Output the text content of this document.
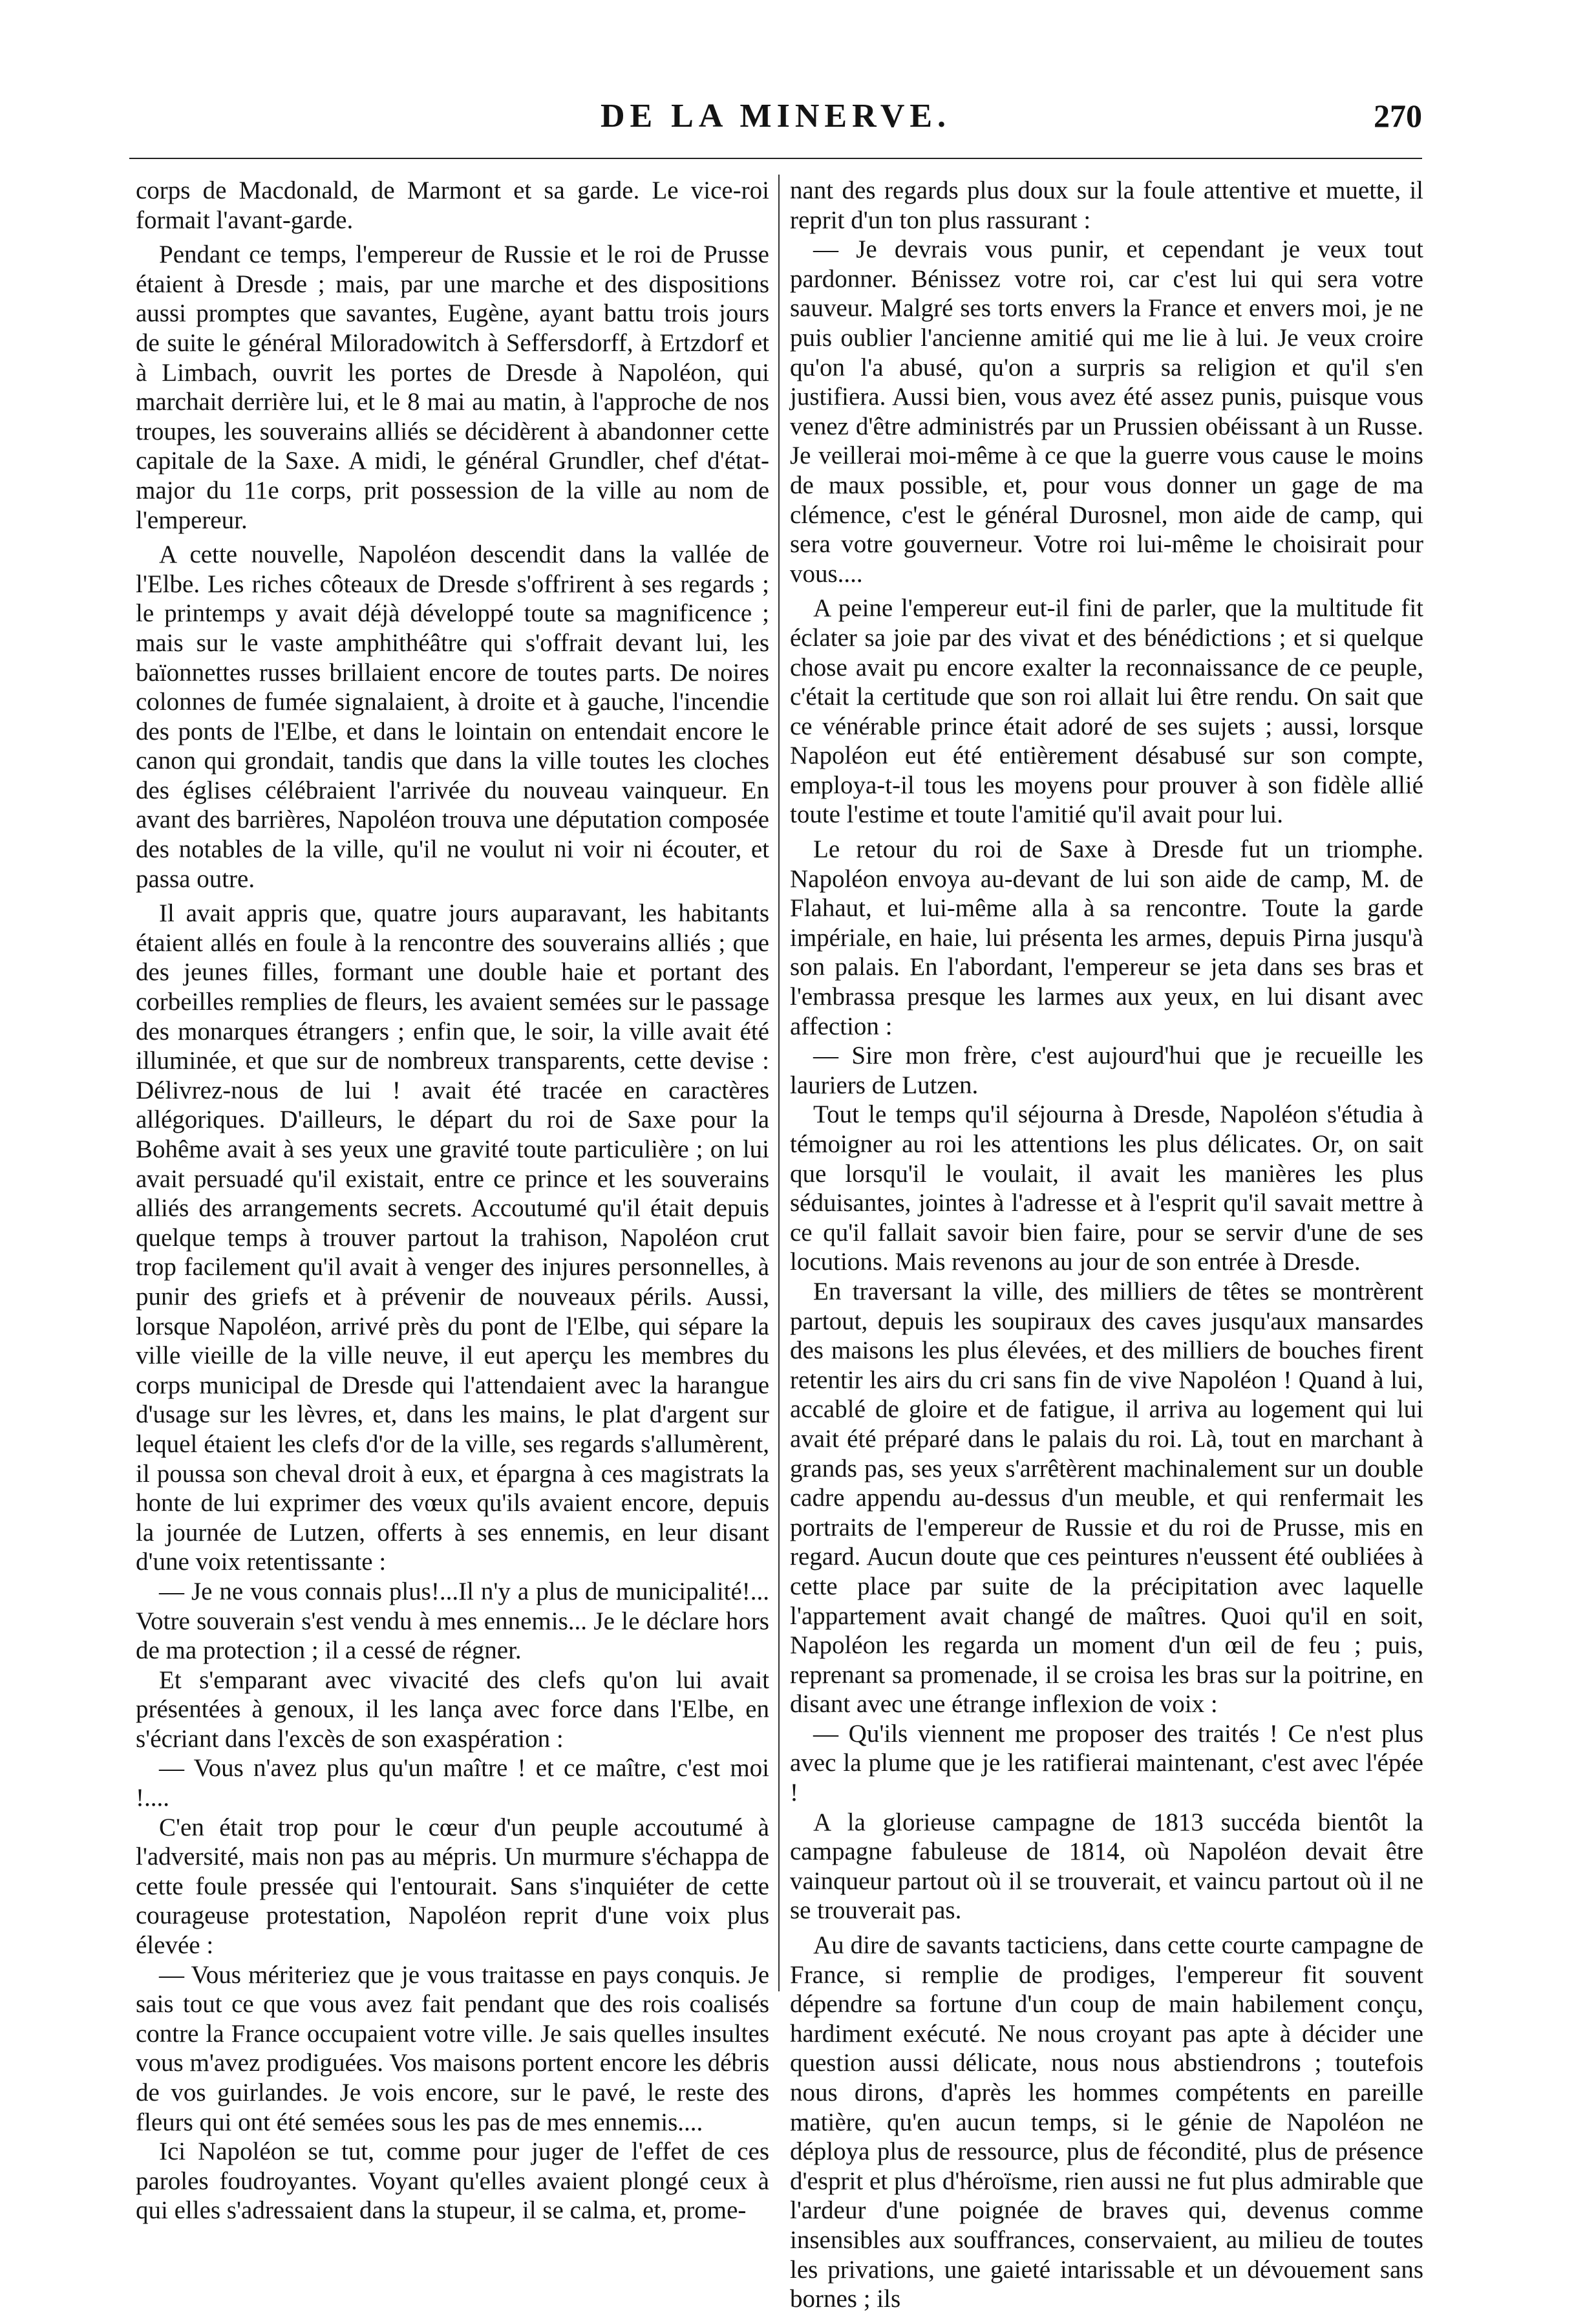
DE LA MINERVE.	270

corps de Macdonald, de Marmont et sa garde. Le vice-roi formait l'avant-garde.

Pendant ce temps, l'empereur de Russie et le roi de Prusse étaient à Dresde ; mais, par une marche et des dispositions aussi promptes que savantes, Eugène, ayant battu trois jours de suite le général Miloradowitch à Seffersdorff, à Ertzdorf et à Limbach, ouvrit les portes de Dresde à Napoléon, qui marchait derrière lui, et le 8 mai au matin, à l'approche de nos troupes, les souverains alliés se décidèrent à abandonner cette capitale de la Saxe. A midi, le général Grundler, chef d'état-major du 11e corps, prit possession de la ville au nom de l'empereur.

A cette nouvelle, Napoléon descendit dans la vallée de l'Elbe. Les riches côteaux de Dresde s'offrirent à ses regards ; le printemps y avait déjà développé toute sa magnificence ; mais sur le vaste amphithéâtre qui s'offrait devant lui, les baïonnettes russes brillaient encore de toutes parts. De noires colonnes de fumée signalaient, à droite et à gauche, l'incendie des ponts de l'Elbe, et dans le lointain on entendait encore le canon qui grondait, tandis que dans la ville toutes les cloches des églises célébraient l'arrivée du nouveau vainqueur. En avant des barrières, Napoléon trouva une députation composée des notables de la ville, qu'il ne voulut ni voir ni écouter, et passa outre.

Il avait appris que, quatre jours auparavant, les habitants étaient allés en foule à la rencontre des souverains alliés ; que des jeunes filles, formant une double haie et portant des corbeilles remplies de fleurs, les avaient semées sur le passage des monarques étrangers ; enfin que, le soir, la ville avait été illuminée, et que sur de nombreux transparents, cette devise : Délivrez-nous de lui ! avait été tracée en caractères allégoriques. D'ailleurs, le départ du roi de Saxe pour la Bohême avait à ses yeux une gravité toute particulière ; on lui avait persuadé qu'il existait, entre ce prince et les souverains alliés des arrangements secrets. Accoutumé qu'il était depuis quelque temps à trouver partout la trahison, Napoléon crut trop facilement qu'il avait à venger des injures personnelles, à punir des griefs et à prévenir de nouveaux périls. Aussi, lorsque Napoléon, arrivé près du pont de l'Elbe, qui sépare la ville vieille de la ville neuve, il eut aperçu les membres du corps municipal de Dresde qui l'attendaient avec la harangue d'usage sur les lèvres, et, dans les mains, le plat d'argent sur lequel étaient les clefs d'or de la ville, ses regards s'allumèrent, il poussa son cheval droit à eux, et épargna à ces magistrats la honte de lui exprimer des vœux qu'ils avaient encore, depuis la journée de Lutzen, offerts à ses ennemis, en leur disant d'une voix retentissante :

— Je ne vous connais plus!...Il n'y a plus de municipalité!... Votre souverain s'est vendu à mes ennemis... Je le déclare hors de ma protection ; il a cessé de régner.

Et s'emparant avec vivacité des clefs qu'on lui avait présentées à genoux, il les lança avec force dans l'Elbe, en s'écriant dans l'excès de son exaspération :

— Vous n'avez plus qu'un maître ! et ce maître, c'est moi !....

C'en était trop pour le cœur d'un peuple accoutumé à l'adversité, mais non pas au mépris. Un murmure s'échappa de cette foule pressée qui l'entourait. Sans s'inquiéter de cette courageuse protestation, Napoléon reprit d'une voix plus élevée :

— Vous mériteriez que je vous traitasse en pays conquis. Je sais tout ce que vous avez fait pendant que des rois coalisés contre la France occupaient votre ville. Je sais quelles insultes vous m'avez prodiguées. Vos maisons portent encore les débris de vos guirlandes. Je vois encore, sur le pavé, le reste des fleurs qui ont été semées sous les pas de mes ennemis....

Ici Napoléon se tut, comme pour juger de l'effet de ces paroles foudroyantes. Voyant qu'elles avaient plongé ceux à qui elles s'adressaient dans la stupeur, il se calma, et, prome-

nant des regards plus doux sur la foule attentive et muette, il reprit d'un ton plus rassurant :

— Je devrais vous punir, et cependant je veux tout pardonner. Bénissez votre roi, car c'est lui qui sera votre sauveur. Malgré ses torts envers la France et envers moi, je ne puis oublier l'ancienne amitié qui me lie à lui. Je veux croire qu'on l'a abusé, qu'on a surpris sa religion et qu'il s'en justifiera. Aussi bien, vous avez été assez punis, puisque vous venez d'être administrés par un Prussien obéissant à un Russe. Je veillerai moi-même à ce que la guerre vous cause le moins de maux possible, et, pour vous donner un gage de ma clémence, c'est le général Durosnel, mon aide de camp, qui sera votre gouverneur. Votre roi lui-même le choisirait pour vous....

A peine l'empereur eut-il fini de parler, que la multitude fit éclater sa joie par des vivat et des bénédictions ; et si quelque chose avait pu encore exalter la reconnaissance de ce peuple, c'était la certitude que son roi allait lui être rendu. On sait que ce vénérable prince était adoré de ses sujets ; aussi, lorsque Napoléon eut été entièrement désabusé sur son compte, employa-t-il tous les moyens pour prouver à son fidèle allié toute l'estime et toute l'amitié qu'il avait pour lui.

Le retour du roi de Saxe à Dresde fut un triomphe. Napoléon envoya au-devant de lui son aide de camp, M. de Flahaut, et lui-même alla à sa rencontre. Toute la garde impériale, en haie, lui présenta les armes, depuis Pirna jusqu'à son palais. En l'abordant, l'empereur se jeta dans ses bras et l'embrassa presque les larmes aux yeux, en lui disant avec affection :

— Sire mon frère, c'est aujourd'hui que je recueille les lauriers de Lutzen.

Tout le temps qu'il séjourna à Dresde, Napoléon s'étudia à témoigner au roi les attentions les plus délicates. Or, on sait que lorsqu'il le voulait, il avait les manières les plus séduisantes, jointes à l'adresse et à l'esprit qu'il savait mettre à ce qu'il fallait savoir bien faire, pour se servir d'une de ses locutions. Mais revenons au jour de son entrée à Dresde.

En traversant la ville, des milliers de têtes se montrèrent partout, depuis les soupiraux des caves jusqu'aux mansardes des maisons les plus élevées, et des milliers de bouches firent retentir les airs du cri sans fin de vive Napoléon ! Quand à lui, accablé de gloire et de fatigue, il arriva au logement qui lui avait été préparé dans le palais du roi. Là, tout en marchant à grands pas, ses yeux s'arrêtèrent machinalement sur un double cadre appendu au-dessus d'un meuble, et qui renfermait les portraits de l'empereur de Russie et du roi de Prusse, mis en regard. Aucun doute que ces peintures n'eussent été oubliées à cette place par suite de la précipitation avec laquelle l'appartement avait changé de maîtres. Quoi qu'il en soit, Napoléon les regarda un moment d'un œil de feu ; puis, reprenant sa promenade, il se croisa les bras sur la poitrine, en disant avec une étrange inflexion de voix :

— Qu'ils viennent me proposer des traités ! Ce n'est plus avec la plume que je les ratifierai maintenant, c'est avec l'épée !

A la glorieuse campagne de 1813 succéda bientôt la campagne fabuleuse de 1814, où Napoléon devait être vainqueur partout où il se trouverait, et vaincu partout où il ne se trouverait pas.

Au dire de savants tacticiens, dans cette courte campagne de France, si remplie de prodiges, l'empereur fit souvent dépendre sa fortune d'un coup de main habilement conçu, hardiment exécuté. Ne nous croyant pas apte à décider une question aussi délicate, nous nous abstiendrons ; toutefois nous dirons, d'après les hommes compétents en pareille matière, qu'en aucun temps, si le génie de Napoléon ne déploya plus de ressource, plus de fécondité, plus de présence d'esprit et plus d'héroïsme, rien aussi ne fut plus admirable que l'ardeur d'une poignée de braves qui, devenus comme insensibles aux souffrances, conservaient, au milieu de toutes les privations, une gaieté intarissable et un dévouement sans bornes ; ils
